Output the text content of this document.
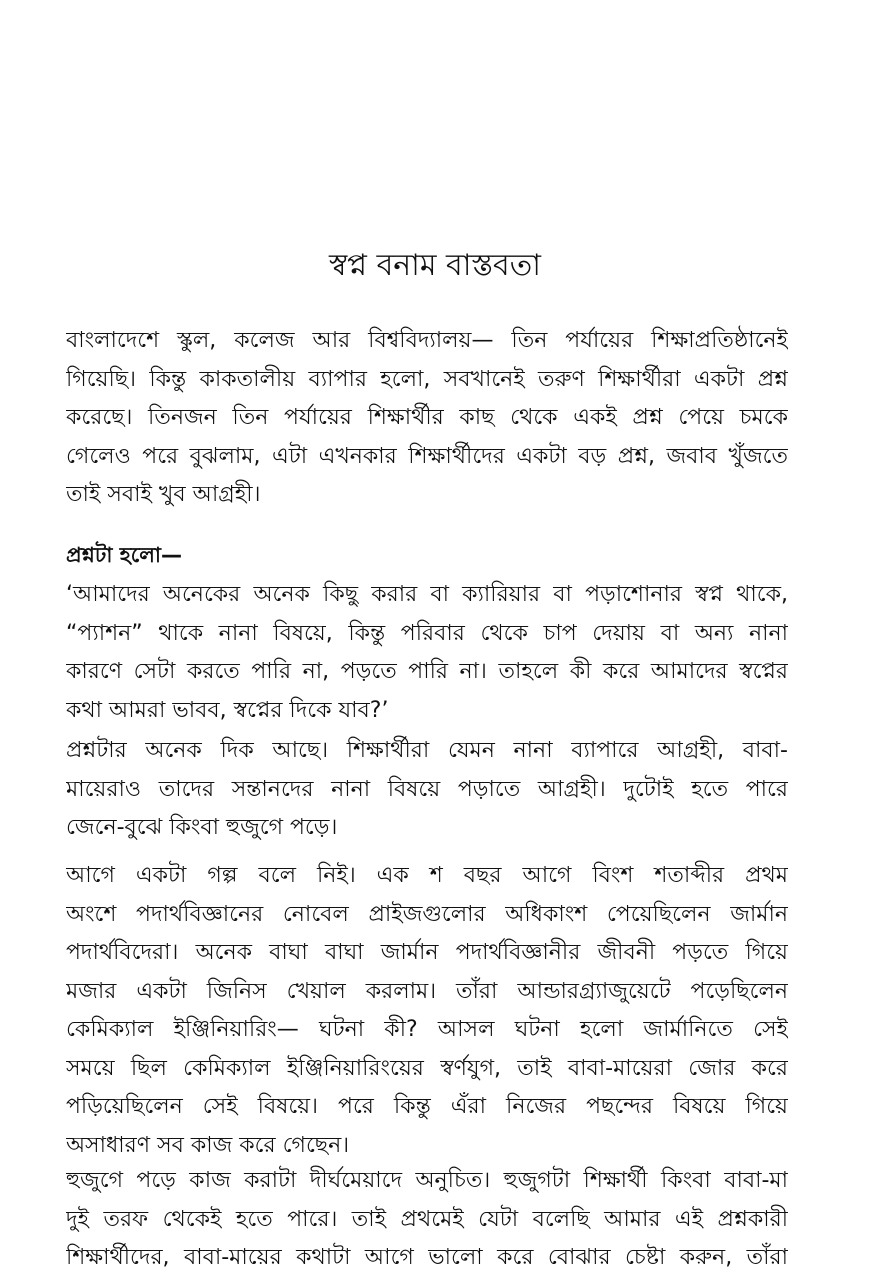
স্বপ্ন বনাম বাস্তবতা
বাংলাদেশে স্কুল, কলেজ আর বিশ্ববিদ্যালয়— তিন পর্যায়ের শিক্ষাপ্রতিষ্ঠানেই
গিয়েছি। কিন্তু কাকতালীয় ব্যাপার হলো, সবখানেই তরুণ শিক্ষার্থীরা একটা প্রশ্ন
করেছে। তিনজন তিন পর্যায়ের শিক্ষার্থীর কাছ থেকে একই প্রশ্ন পেয়ে চমকে
গেলেও পরে বুঝলাম, এটা এখনকার শিক্ষার্থীদের একটা বড় প্রশ্ন, জবাব খুঁজতে
তাই সবাই খুব আগ্রহী।
প্রশ্নটা হলো—
‘আমাদের অনেকের অনেক কিছু করার বা ক্যারিয়ার বা পড়াশোনার স্বপ্ন থাকে,
“প্যাশন” থাকে নানা বিষয়ে, কিন্তু পরিবার থেকে চাপ দেয়ায় বা অন্য নানা
কারণে সেটা করতে পারি না, পড়তে পারি না। তাহলে কী করে আমাদের স্বপ্নের
কথা আমরা ভাবব, স্বপ্নের দিকে যাব?’
প্রশ্নটার অনেক দিক আছে। শিক্ষার্থীরা যেমন নানা ব্যাপারে আগ্রহী, বাবা-
মায়েরাও তাদের সন্তানদের নানা বিষয়ে পড়াতে আগ্রহী। দুটোই হতে পারে
জেনে-বুঝে কিংবা হুজুগে পড়ে।
আগে একটা গল্প বলে নিই। এক শ বছর আগে বিংশ শতাব্দীর প্রথম
অংশে পদার্থবিজ্ঞানের নোবেল প্রাইজগুলোর অধিকাংশ পেয়েছিলেন জার্মান
পদার্থবিদেরা। অনেক বাঘা বাঘা জার্মান পদার্থবিজ্ঞানীর জীবনী পড়তে গিয়ে
মজার একটা জিনিস খেয়াল করলাম। তাঁরা আন্ডারগ্র্যাজুয়েটে পড়েছিলেন
কেমিক্যাল ইঞ্জিনিয়ারিং— ঘটনা কী? আসল ঘটনা হলো জার্মানিতে সেই
সময়ে ছিল কেমিক্যাল ইঞ্জিনিয়ারিংয়ের স্বর্ণযুগ, তাই বাবা-মায়েরা জোর করে
পড়িয়েছিলেন সেই বিষয়ে। পরে কিন্তু এঁরা নিজের পছন্দের বিষয়ে গিয়ে
অসাধারণ সব কাজ করে গেছেন।
হুজুগে পড়ে কাজ করাটা দীর্ঘমেয়াদে অনুচিত। হুজুগটা শিক্ষার্থী কিংবা বাবা-মা
দুই তরফ থেকেই হতে পারে। তাই প্রথমেই যেটা বলেছি আমার এই প্রশ্নকারী
শিক্ষার্থীদের, বাবা-মায়ের কথাটা আগে ভালো করে বোঝার চেষ্টা করুন, তাঁরা
